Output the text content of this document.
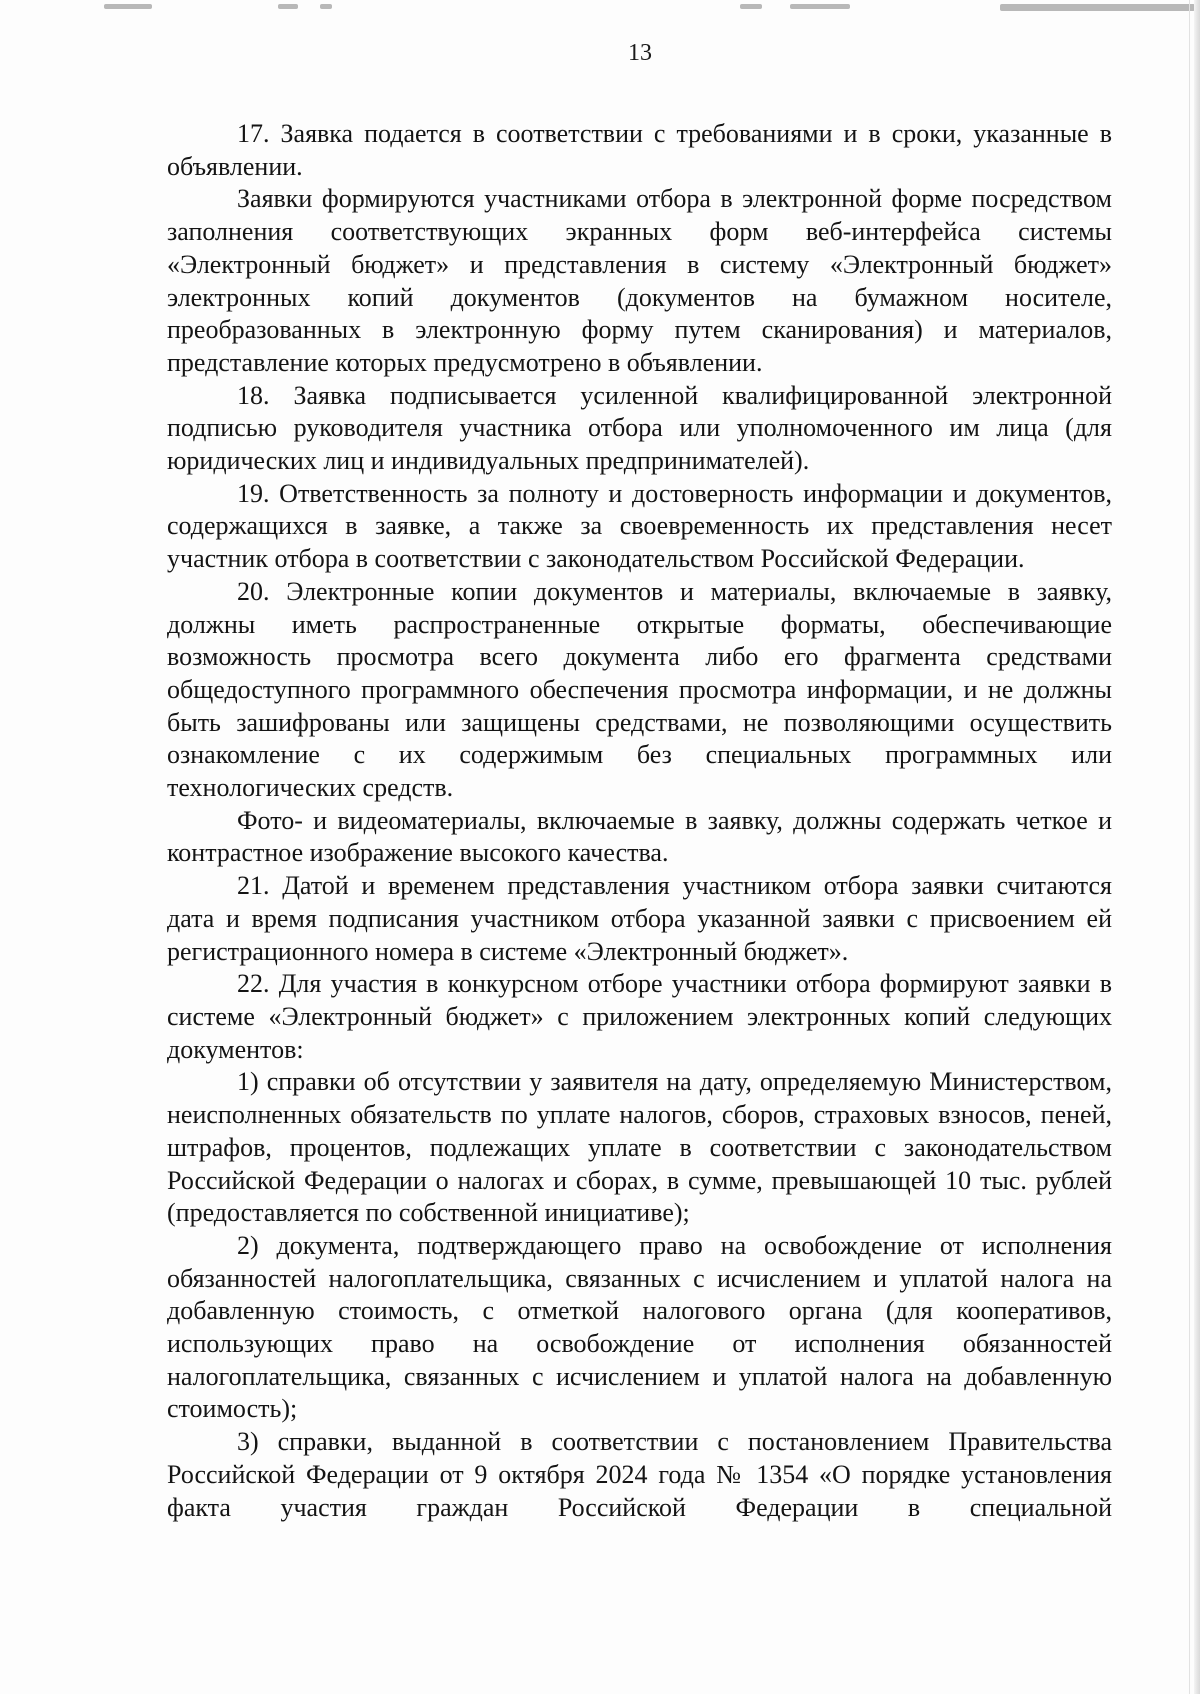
13

17. Заявка подается в соответствии с требованиями и в сроки, указанные в объявлении.

Заявки формируются участниками отбора в электронной форме посредством заполнения соответствующих экранных форм веб-интерфейса системы «Электронный бюджет» и представления в систему «Электронный бюджет» электронных копий документов (документов на бумажном носителе, преобразованных в электронную форму путем сканирования) и материалов, представление которых предусмотрено в объявлении.

18. Заявка подписывается усиленной квалифицированной электронной подписью руководителя участника отбора или уполномоченного им лица (для юридических лиц и индивидуальных предпринимателей).

19. Ответственность за полноту и достоверность информации и документов, содержащихся в заявке, а также за своевременность их представления несет участник отбора в соответствии с законодательством Российской Федерации.

20. Электронные копии документов и материалы, включаемые в заявку, должны иметь распространенные открытые форматы, обеспечивающие возможность просмотра всего документа либо его фрагмента средствами общедоступного программного обеспечения просмотра информации, и не должны быть зашифрованы или защищены средствами, не позволяющими осуществить ознакомление с их содержимым без специальных программных или технологических средств.

Фото- и видеоматериалы, включаемые в заявку, должны содержать четкое и контрастное изображение высокого качества.

21. Датой и временем представления участником отбора заявки считаются дата и время подписания участником отбора указанной заявки с присвоением ей регистрационного номера в системе «Электронный бюджет».

22. Для участия в конкурсном отборе участники отбора формируют заявки в системе «Электронный бюджет» с приложением электронных копий следующих документов:

1) справки об отсутствии у заявителя на дату, определяемую Министерством, неисполненных обязательств по уплате налогов, сборов, страховых взносов, пеней, штрафов, процентов, подлежащих уплате в соответствии с законодательством Российской Федерации о налогах и сборах, в сумме, превышающей 10 тыс. рублей (предоставляется по собственной инициативе);

2) документа, подтверждающего право на освобождение от исполнения обязанностей налогоплательщика, связанных с исчислением и уплатой налога на добавленную стоимость, с отметкой налогового органа (для кооперативов, использующих право на освобождение от исполнения обязанностей налогоплательщика, связанных с исчислением и уплатой налога на добавленную стоимость);

3) справки, выданной в соответствии с постановлением Правительства Российской Федерации от 9 октября 2024 года № 1354 «О порядке установления факта участия граждан Российской Федерации в специальной
